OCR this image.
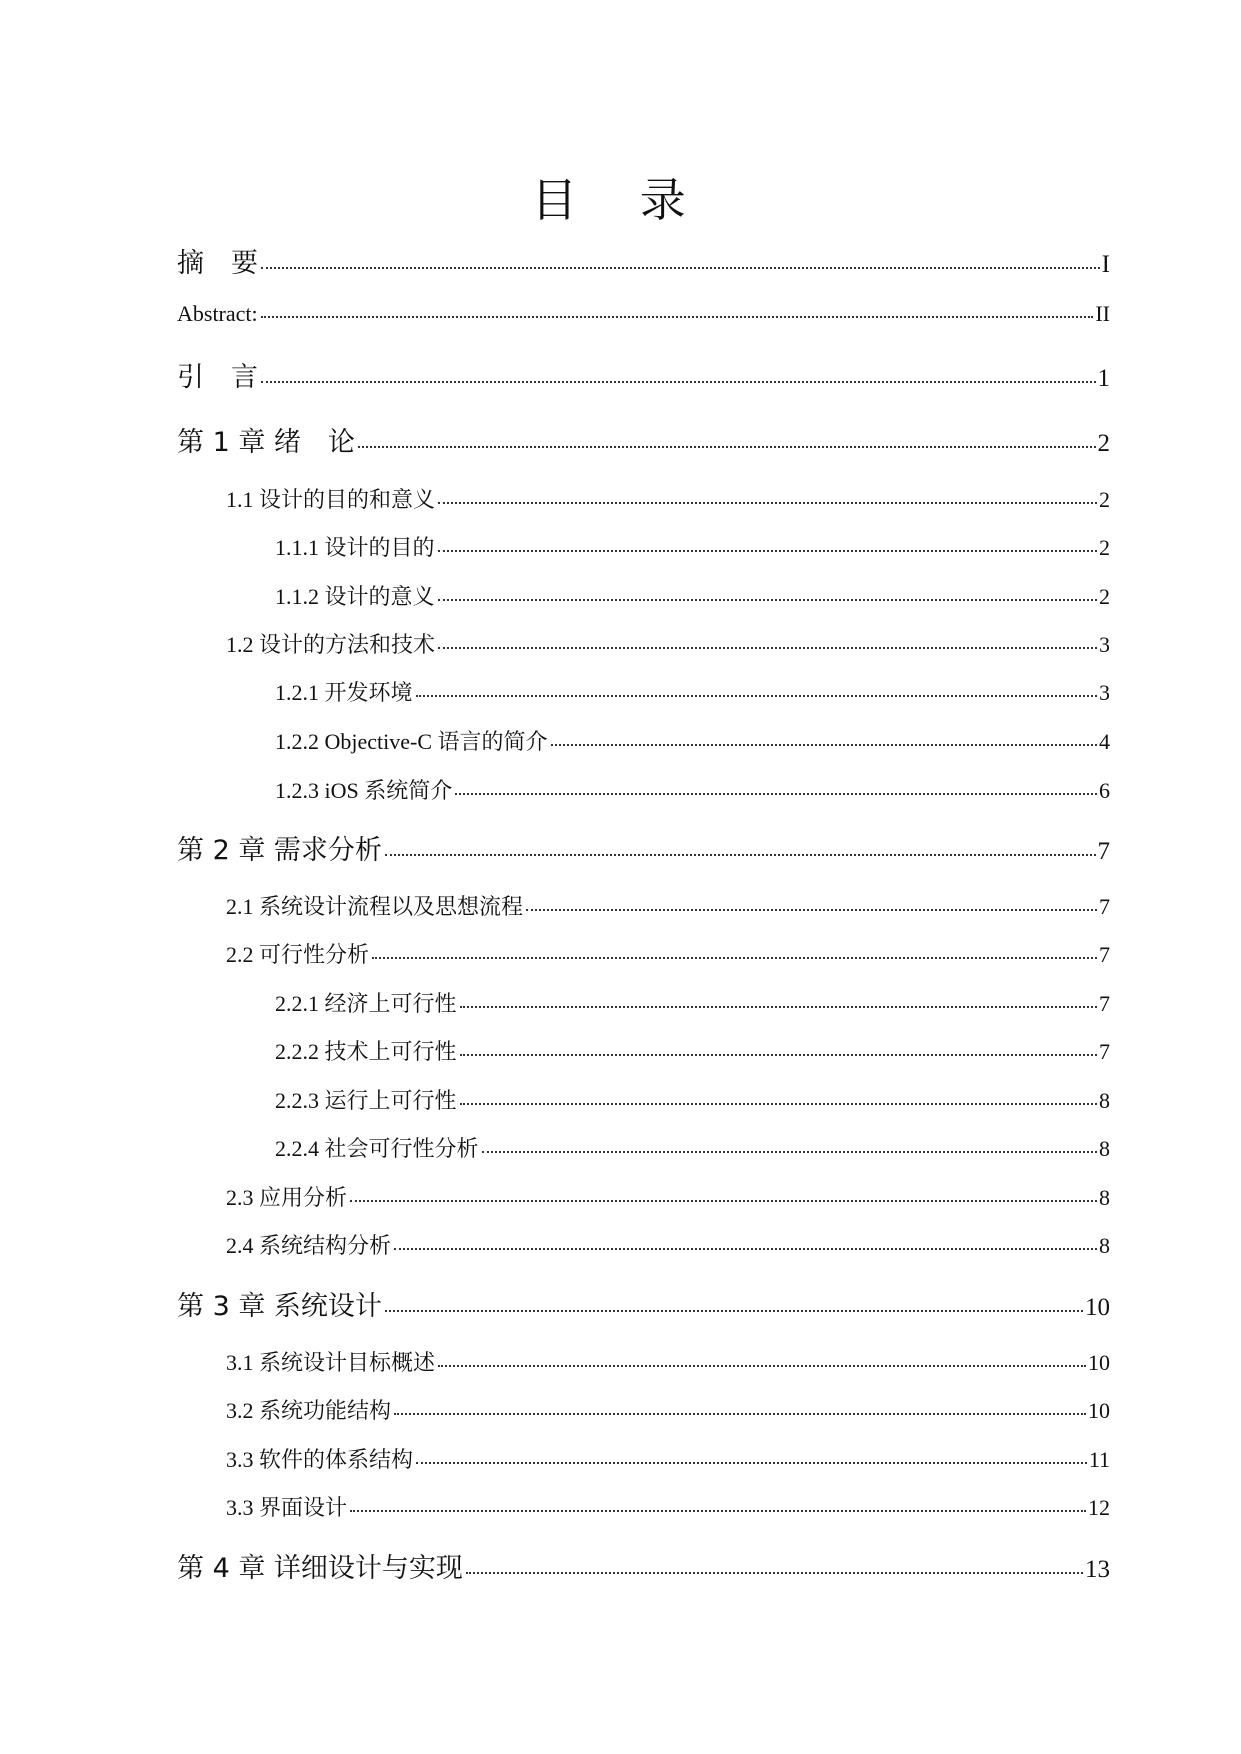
目 录
摘　要	I
Abstract:	II
引　言	1
第 1 章 绪　论	2
1.1 设计的目的和意义	2
1.1.1 设计的目的	2
1.1.2 设计的意义	2
1.2 设计的方法和技术	3
1.2.1 开发环境	3
1.2.2 Objective-C 语言的简介	4
1.2.3 iOS 系统简介	6
第 2 章 需求分析	7
2.1 系统设计流程以及思想流程	7
2.2 可行性分析	7
2.2.1 经济上可行性	7
2.2.2 技术上可行性	7
2.2.3 运行上可行性	8
2.2.4 社会可行性分析	8
2.3 应用分析	8
2.4 系统结构分析	8
第 3 章 系统设计	10
3.1 系统设计目标概述	10
3.2 系统功能结构	10
3.3 软件的体系结构	11
3.3 界面设计	12
第 4 章 详细设计与实现	13
